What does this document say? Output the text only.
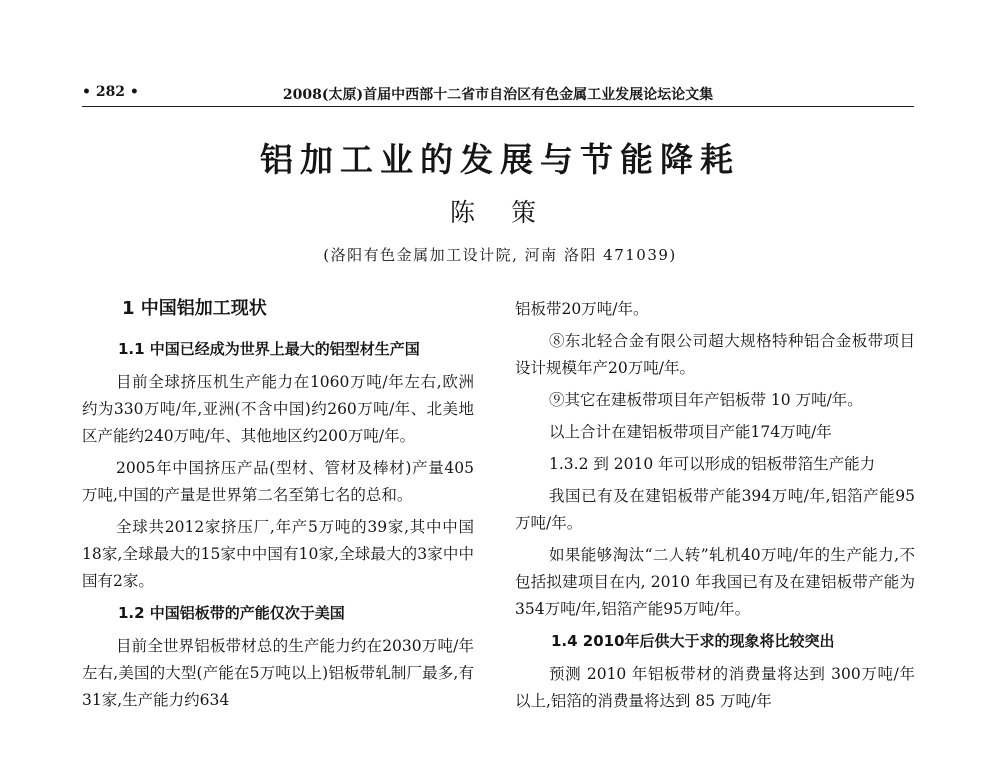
• 282 •	2008(太原)首届中西部十二省市自治区有色金属工业发展论坛论文集
铝加工业的发展与节能降耗
陈 策
(洛阳有色金属加工设计院, 河南 洛阳 471039)
1 中国铝加工现状

1.1 中国已经成为世界上最大的铝型材生产国

目前全球挤压机生产能力在1060万吨/年左右,欧洲约为330万吨/年,亚洲(不含中国)约260万吨/年、北美地区产能约240万吨/年、其他地区约200万吨/年。

2005年中国挤压产品(型材、管材及棒材)产量405万吨,中国的产量是世界第二名至第七名的总和。

全球共2012家挤压厂,年产5万吨的39家,其中中国18家,全球最大的15家中中国有10家,全球最大的3家中中国有2家。

1.2 中国铝板带的产能仅次于美国

目前全世界铝板带材总的生产能力约在2030万吨/年左右,美国的大型(产能在5万吨以上)铝板带轧制厂最多,有31家,生产能力约634

铝板带20万吨/年。

⑧东北轻合金有限公司超大规格特种铝合金板带项目设计规模年产20万吨/年。

⑨其它在建板带项目年产铝板带 10 万吨/年。

以上合计在建铝板带项目产能174万吨/年

1.3.2 到 2010 年可以形成的铝板带箔生产能力

我国已有及在建铝板带产能394万吨/年,铝箔产能95万吨/年。

如果能够淘汰“二人转”轧机40万吨/年的生产能力,不包括拟建项目在内, 2010 年我国已有及在建铝板带产能为354万吨/年,铝箔产能95万吨/年。

1.4 2010年后供大于求的现象将比较突出

预测 2010 年铝板带材的消费量将达到 300万吨/年以上,铝箔的消费量将达到 85 万吨/年
